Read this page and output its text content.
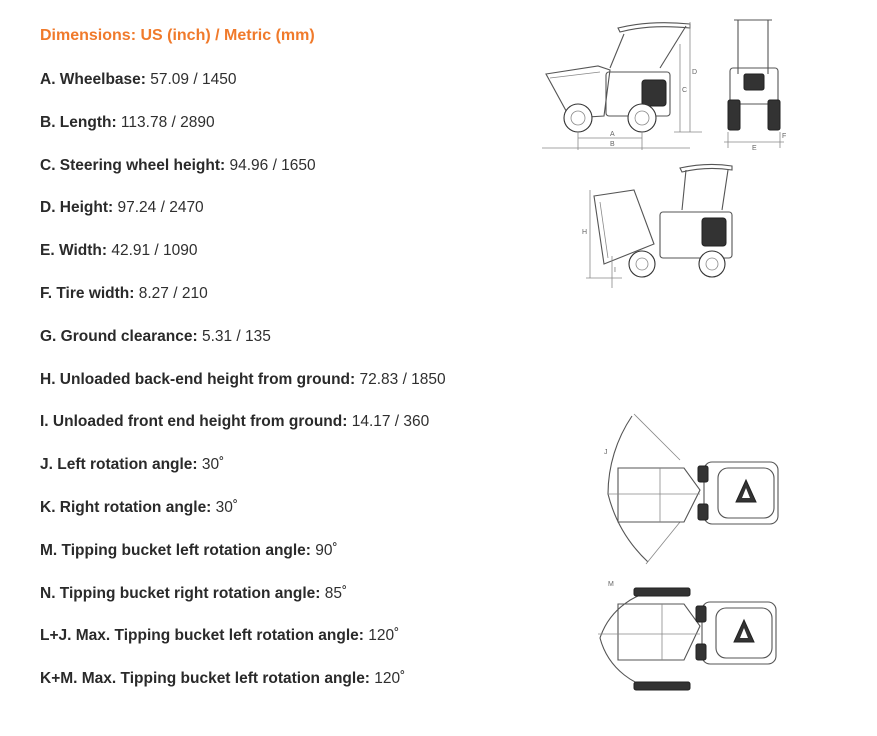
Dimensions: US (inch) / Metric (mm)
A. Wheelbase: 57.09 / 1450
B. Length: 113.78 / 2890
C. Steering wheel height: 94.96 / 1650
D. Height: 97.24 / 2470
E. Width: 42.91 / 1090
F. Tire width: 8.27 / 210
G. Ground clearance: 5.31 / 135
H. Unloaded back-end height from ground: 72.83 / 1850
I. Unloaded front end height from ground: 14.17 / 360
J. Left rotation angle: 30˚
K. Right rotation angle: 30˚
M. Tipping bucket left rotation angle: 90˚
N. Tipping bucket right rotation angle: 85˚
L+J. Max. Tipping bucket left rotation angle: 120˚
K+M. Max. Tipping bucket left rotation angle: 120˚
A
B
C
D
E
F
H
I
J
M
